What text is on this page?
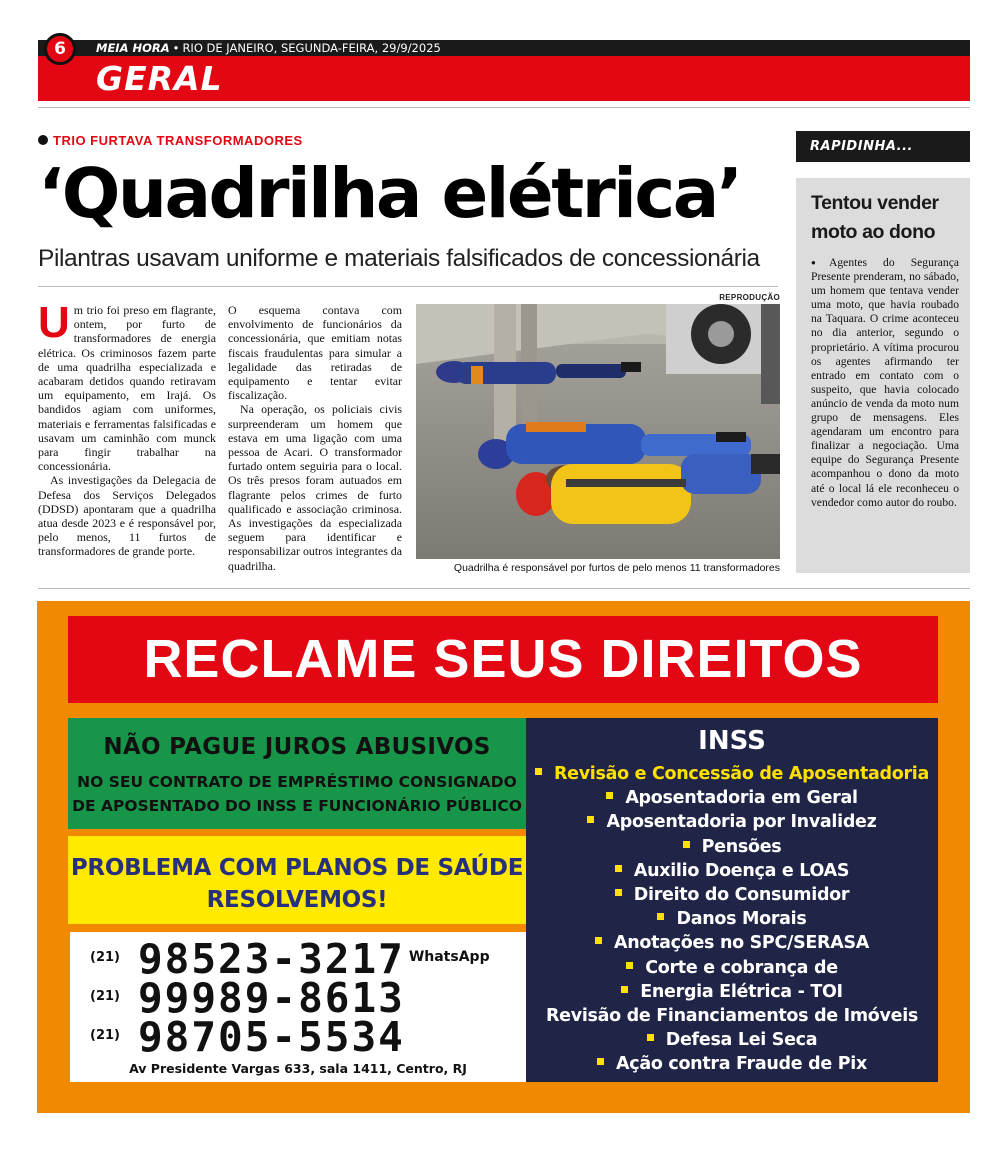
6	MEIA HORA • RIO DE JANEIRO, SEGUNDA-FEIRA, 29/9/2025
GERAL
TRIO FURTAVA TRANSFORMADORES
‘Quadrilha elétrica’
Pilantras usavam uniforme e materiais falsificados de concessionária

Um trio foi preso em flagrante, ontem, por furto de transformadores de energia elétrica. Os criminosos fazem parte de uma quadrilha especializada e acabaram detidos quando retiravam um equipamento, em Irajá. Os bandidos agiam com uniformes, materiais e ferramentas falsificadas e usavam um caminhão com munck para fingir trabalhar na concessionária.

As investigações da Delegacia de Defesa dos Serviços Delegados (DDSD) apontaram que a quadrilha atua desde 2023 e é responsável por, pelo menos, 11 furtos de transformadores de grande porte.

O esquema contava com envolvimento de funcionários da concessionária, que emitiam notas fiscais fraudulentas para simular a legalidade das retiradas de equipamento e tentar evitar fiscalização.

Na operação, os policiais civis surpreenderam um homem que estava em uma ligação com uma pessoa de Acari. O transformador furtado ontem seguiria para o local. Os três presos foram autuados em flagrante pelos crimes de furto qualificado e associação criminosa. As investigações da especializada seguem para identificar e responsabilizar outros integrantes da quadrilha.

REPRODUÇÃO
Quadrilha é responsável por furtos de pelo menos 11 transformadores
RAPIDINHA...
Tentou vender moto ao dono
●Agentes do Segurança Presente prenderam, no sábado, um homem que tentava vender uma moto, que havia roubado na Taquara. O crime aconteceu no dia anterior, segundo o proprietário. A vítima procurou os agentes afirmando ter entrado em contato com o suspeito, que havia colocado anúncio de venda da moto num grupo de mensagens. Eles agendaram um encontro para finalizar a negociação. Uma equipe do Segurança Presente acompanhou o dono da moto até o local lá ele reconheceu o vendedor como autor do roubo.
RECLAME SEUS DIREITOS
NÃO PAGUE JUROS ABUSIVOS
NO SEU CONTRATO DE EMPRÉSTIMO CONSIGNADO
DE APOSENTADO DO INSS E FUNCIONÁRIO PÚBLICO
PROBLEMA COM PLANOS DE SAÚDE
RESOLVEMOS!
(21) 98523-3217 WhatsApp
(21) 99989-8613
(21) 98705-5534
Av Presidente Vargas 633, sala 1411, Centro, RJ
INSS
Revisão e Concessão de Aposentadoria
Aposentadoria em Geral
Aposentadoria por Invalidez
Pensões
Auxilio Doença e LOAS
Direito do Consumidor
Danos Morais
Anotações no SPC/SERASA
Corte e cobrança de
Energia Elétrica - TOI
Revisão de Financiamentos de Imóveis
Defesa Lei Seca
Ação contra Fraude de Pix
